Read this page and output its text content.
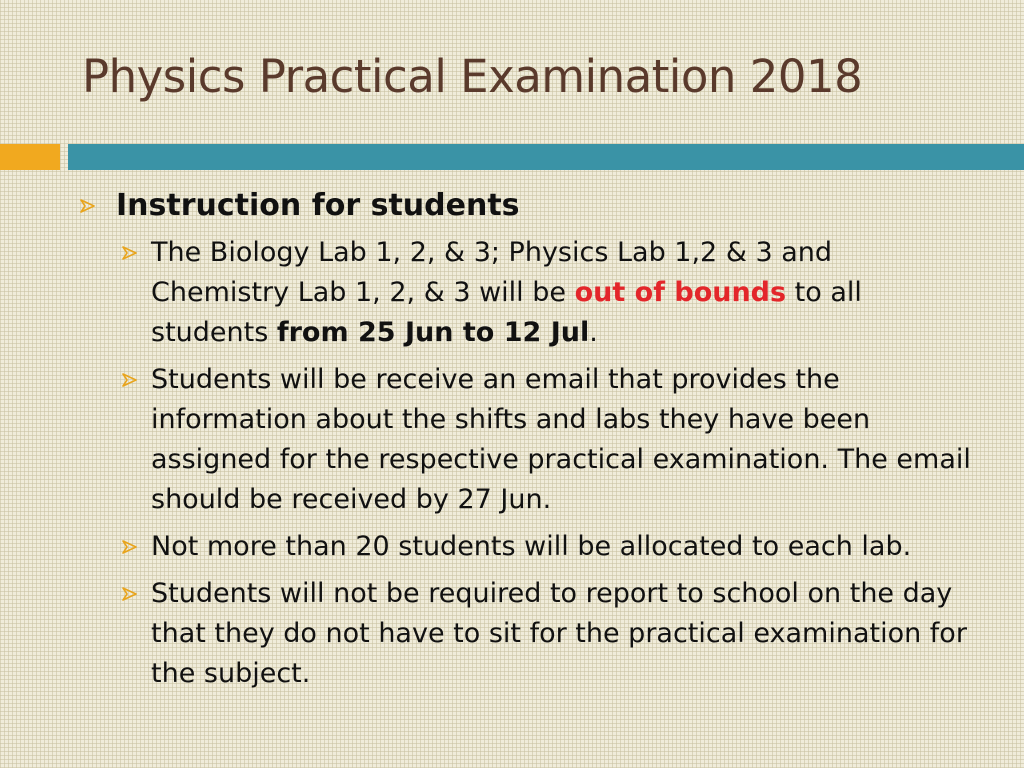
Physics Practical Examination 2018
Instruction for students
The Biology Lab 1, 2, & 3; Physics Lab 1,2 & 3 and Chemistry Lab 1, 2, & 3 will be out of bounds to all students from 25 Jun to 12 Jul.
Students will be receive an email that provides the information about the shifts and labs they have been assigned for the respective practical examination. The email should be received by 27 Jun.
Not more than 20 students will be allocated to each lab.
Students will not be required to report to school on the day that they do not have to sit for the practical examination for the subject.
